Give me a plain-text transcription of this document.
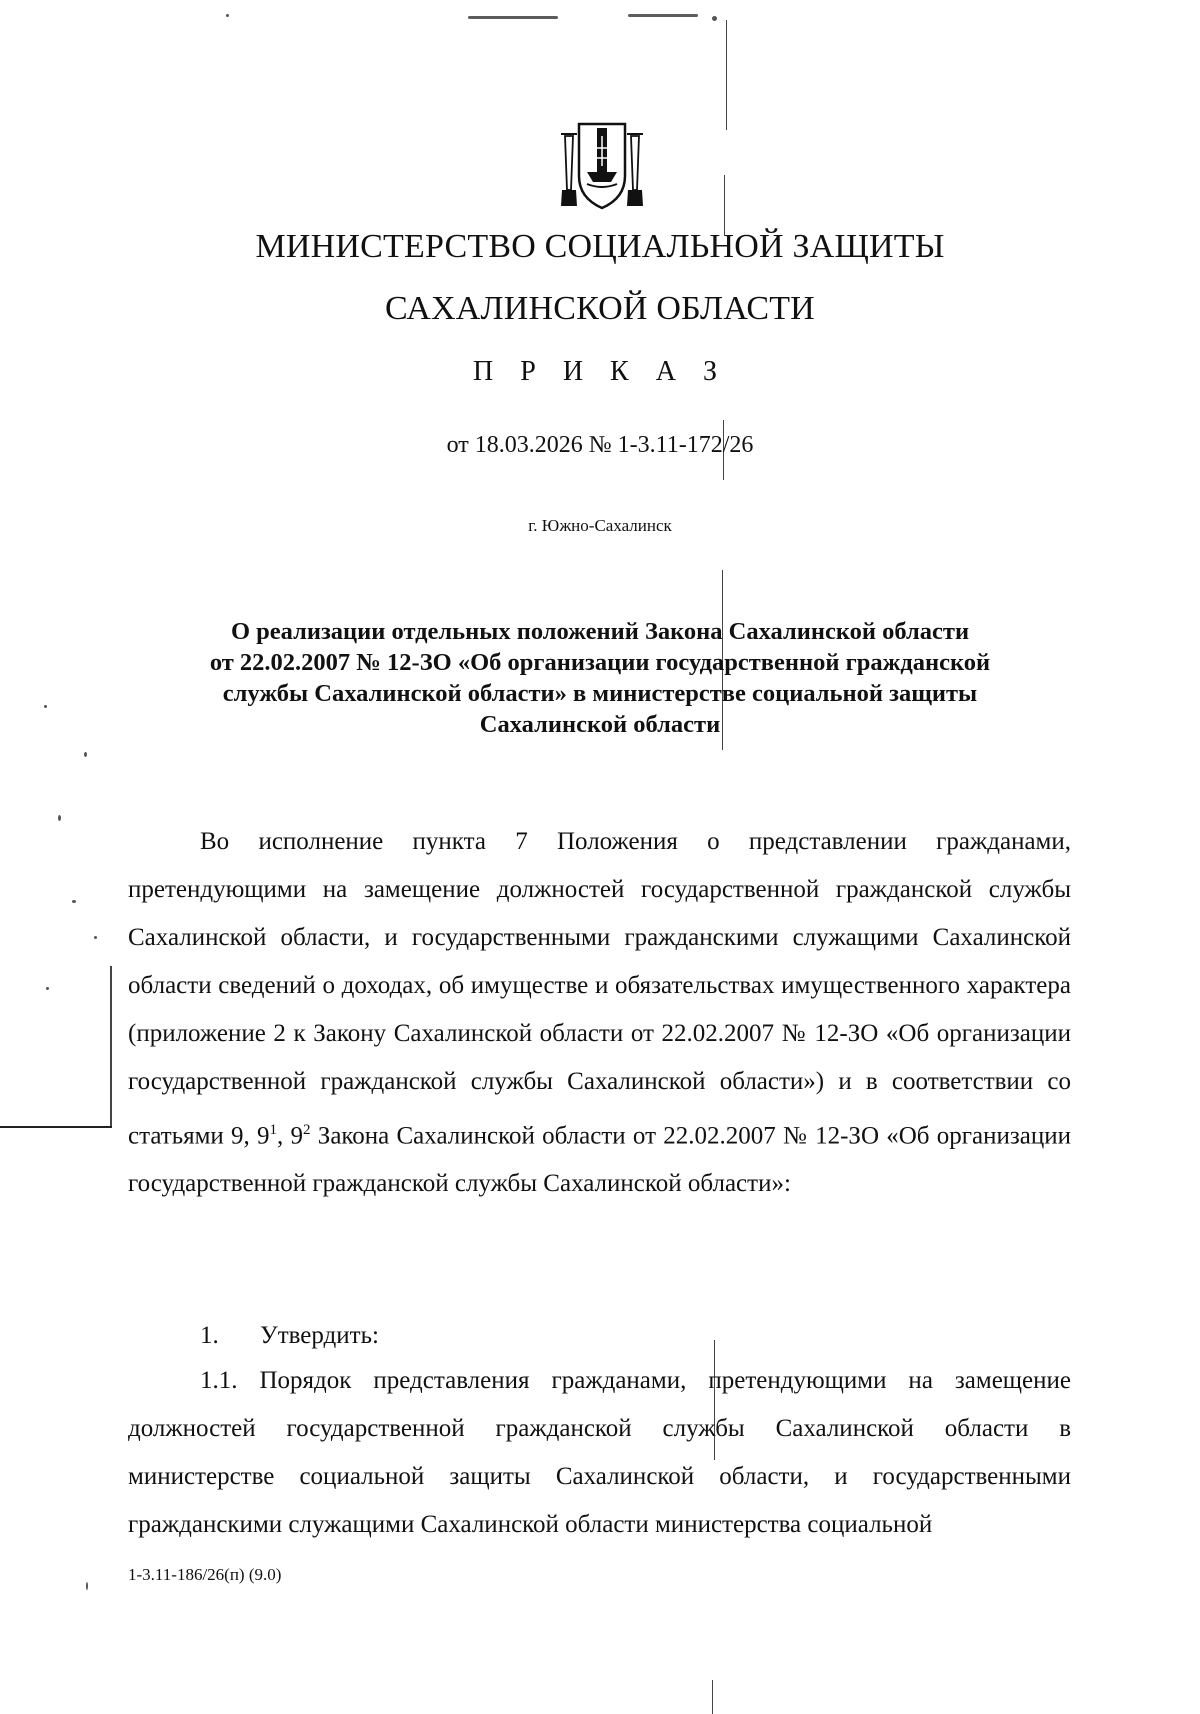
МИНИСТЕРСТВО СОЦИАЛЬНОЙ ЗАЩИТЫ
САХАЛИНСКОЙ ОБЛАСТИ
П Р И К А З
от 18.03.2026 № 1-3.11-172/26
г. Южно-Сахалинск
О реализации отдельных положений Закона Сахалинской области
от 22.02.2007 № 12-ЗО «Об организации государственной гражданской
службы Сахалинской области» в министерстве социальной защиты
Сахалинской области
Во исполнение пункта 7 Положения о представлении гражданами, претендующими на замещение должностей государственной гражданской службы Сахалинской области, и государственными гражданскими служащими Сахалинской области сведений о доходах, об имуществе и обязательствах имущественного характера (приложение 2 к Закону Сахалинской области от 22.02.2007 № 12-ЗО «Об организации государственной гражданской службы Сахалинской области») и в соответствии со статьями 9, $9^1$, $9^2$ Закона Сахалинской области от 22.02.2007 № 12-ЗО «Об организации государственной гражданской службы Сахалинской области»:
1. Утвердить:
1.1. Порядок представления гражданами, претендующими на замещение должностей государственной гражданской службы Сахалинской области в министерстве социальной защиты Сахалинской области, и государственными гражданскими служащими Сахалинской области министерства социальной
1-3.11-186/26(п) (9.0)
